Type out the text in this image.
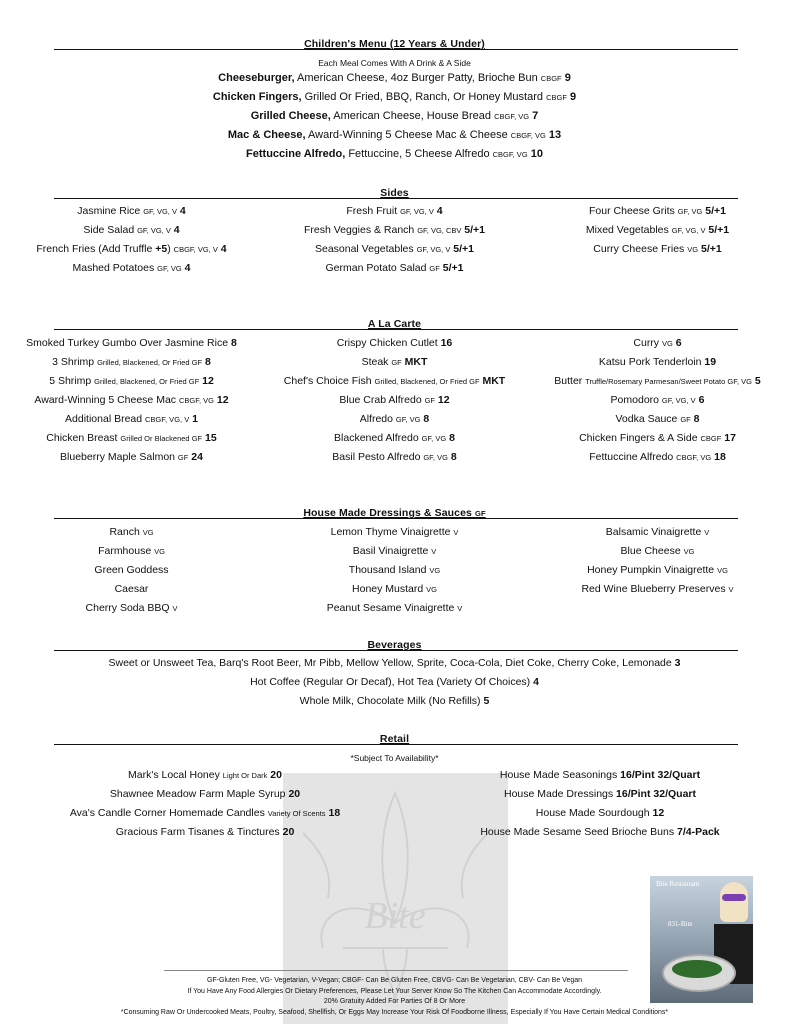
Bite
Children's Menu (12 Years & Under)
Each Meal Comes With A Drink & A Side
Cheeseburger, American Cheese, 4oz Burger Patty, Brioche Bun CBGF 9
Chicken Fingers, Grilled Or Fried, BBQ, Ranch, Or Honey Mustard CBGF 9
Grilled Cheese, American Cheese, House Bread CBGF, VG 7
Mac & Cheese, Award-Winning 5 Cheese Mac & Cheese CBGF, VG 13
Fettuccine Alfredo, Fettuccine, 5 Cheese Alfredo CBGF, VG 10
Sides
Jasmine Rice GF, VG, V 4
Side Salad GF, VG, V 4
French Fries (Add Truffle +5) CBGF, VG, V 4
Mashed Potatoes GF, VG 4
Fresh Fruit GF, VG, V 4
Fresh Veggies & Ranch GF, VG, CBV 5/+1
Seasonal Vegetables GF, VG, V 5/+1
German Potato Salad GF 5/+1
Four Cheese Grits GF, VG 5/+1
Mixed Vegetables GF, VG, V 5/+1
Curry Cheese Fries VG 5/+1
A La Carte
Smoked Turkey Gumbo Over Jasmine Rice 8
3 Shrimp Grilled, Blackened, Or Fried GF 8
5 Shrimp Grilled, Blackened, Or Fried GF 12
Award-Winning 5 Cheese Mac CBGF, VG 12
Additional Bread CBGF, VG, V 1
Chicken Breast Grilled Or Blackened GF 15
Blueberry Maple Salmon GF 24
Crispy Chicken Cutlet 16
Steak GF MKT
Chef's Choice Fish Grilled, Blackened, Or Fried GF MKT
Blue Crab Alfredo GF 12
Alfredo GF, VG 8
Blackened Alfredo GF, VG 8
Basil Pesto Alfredo GF, VG 8
Curry VG 6
Katsu Pork Tenderloin 19
Butter Truffle/Rosemary Parmesan/Sweet Potato GF, VG 5
Pomodoro GF, VG, V 6
Vodka Sauce GF 8
Chicken Fingers & A Side CBGF 17
Fettuccine Alfredo CBGF, VG 18
House Made Dressings & Sauces GF
Ranch VG
Farmhouse VG
Green Goddess
Caesar
Cherry Soda BBQ V
Lemon Thyme Vinaigrette V
Basil Vinaigrette V
Thousand Island VG
Honey Mustard VG
Peanut Sesame Vinaigrette V
Balsamic Vinaigrette V
Blue Cheese VG
Honey Pumpkin Vinaigrette VG
Red Wine Blueberry Preserves V
Beverages
Sweet or Unsweet Tea, Barq's Root Beer, Mr Pibb, Mellow Yellow, Sprite, Coca-Cola, Diet Coke, Cherry Coke, Lemonade 3
Hot Coffee (Regular Or Decaf), Hot Tea (Variety Of Choices) 4
Whole Milk, Chocolate Milk (No Refills) 5
Retail
*Subject To Availability*
Mark's Local Honey Light Or Dark 20
Shawnee Meadow Farm Maple Syrup 20
Ava's Candle Corner Homemade Candles Variety Of Scents 18
Gracious Farm Tisanes & Tinctures 20
House Made Seasonings 16/Pint 32/Quart
House Made Dressings 16/Pint 32/Quart
House Made Sourdough 12
House Made Sesame Seed Brioche Buns 7/4-Pack
Bite Restaurant
831-Bite
GF-Gluten Free, VG- Vegetarian, V-Vegan; CBGF- Can Be Gluten Free, CBVG- Can Be Vegetarian, CBV- Can Be Vegan
If You Have Any Food Allergies Or Dietary Preferences, Please Let Your Server Know So The Kitchen Can Accommodate Accordingly.
20% Gratuity Added For Parties Of 8 Or More
*Consuming Raw Or Undercooked Meats, Poultry, Seafood, Shellfish, Or Eggs May Increase Your Risk Of Foodborne Illness, Especially If You Have Certain Medical Conditions*
